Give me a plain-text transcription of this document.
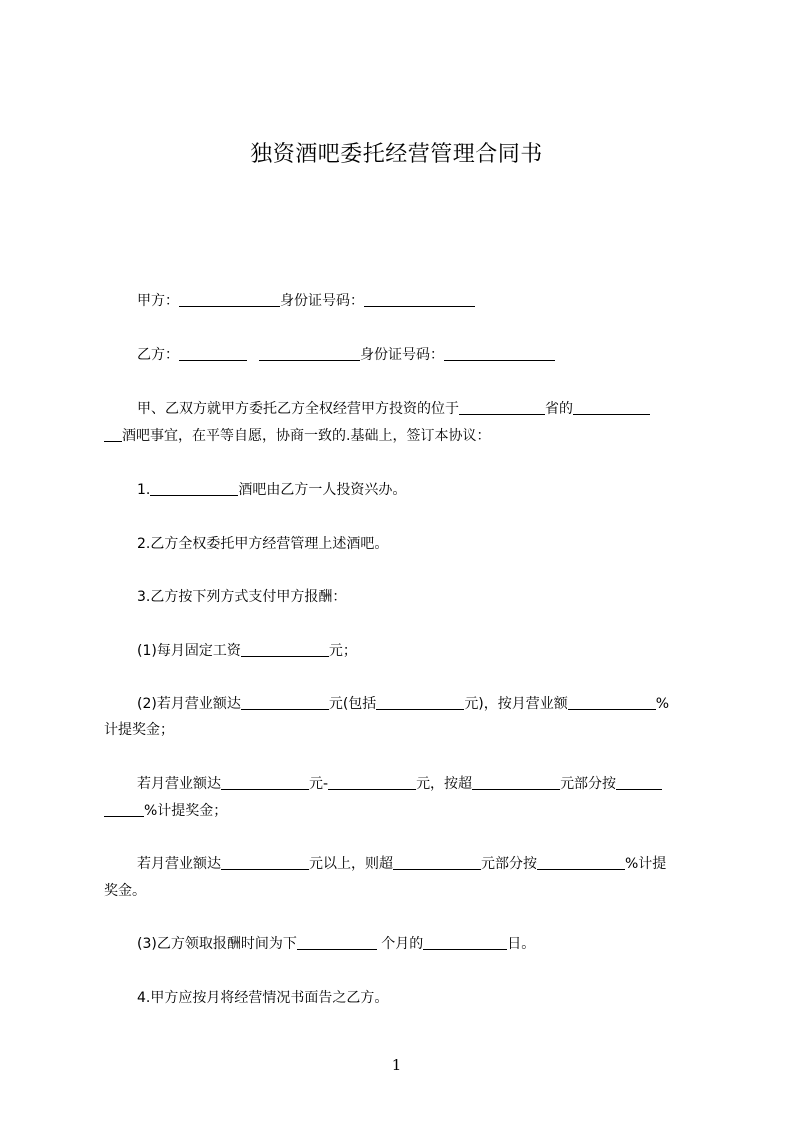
独资酒吧委托经营管理合同书
甲方：	身份证号码：
乙方：	身份证号码：
甲、乙双方就甲方委托乙方全权经营甲方投资的位于	省的
酒吧事宜，在平等自愿，协商一致的.基础上，签订本协议：
1.	酒吧由乙方一人投资兴办。
2.乙方全权委托甲方经营管理上述酒吧。
3.乙方按下列方式支付甲方报酬：
(1)每月固定工资	元；
(2)若月营业额达	元(包括	元)，按月营业额	%
计提奖金；
若月营业额达	元-	元，按超	元部分按
%计提奖金；
若月营业额达	元以上，则超	元部分按	%计提
奖金。
(3)乙方领取报酬时间为下	个月的	日。
4.甲方应按月将经营情况书面告之乙方。
1
